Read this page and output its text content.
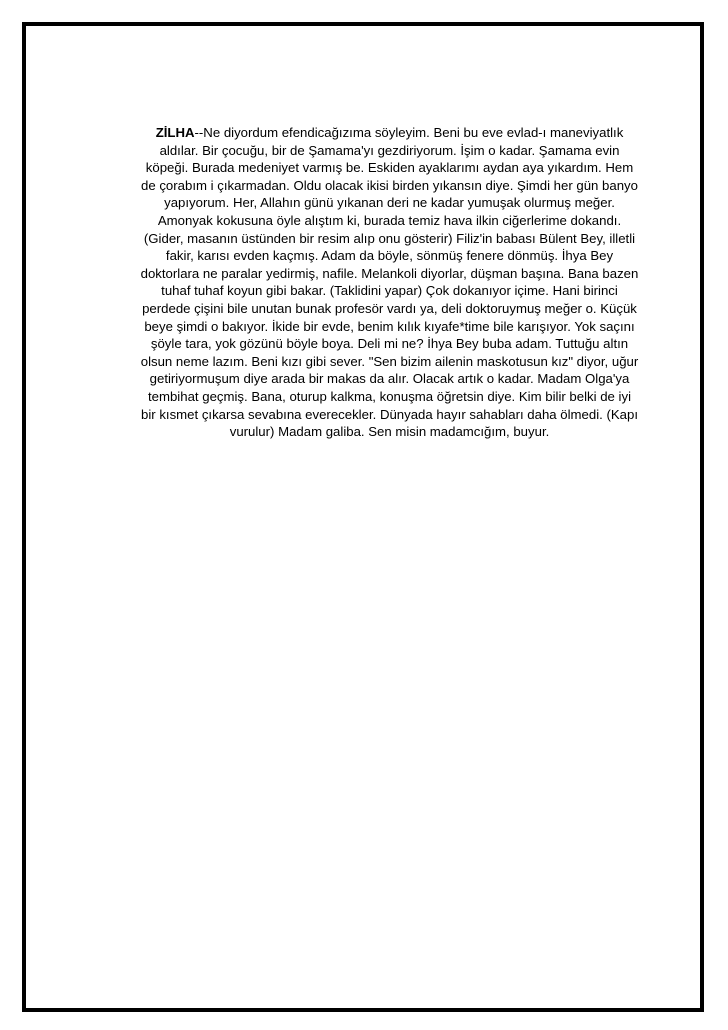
ZİLHA--Ne diyordum efendicağızıma söyleyim. Beni bu eve evlad-ı maneviyatlık
aldılar. Bir çocuğu, bir de Şamama'yı gezdiriyorum. İşim o kadar. Şamama evin
köpeği. Burada medeniyet varmış be. Eskiden ayaklarımı aydan aya yıkardım. Hem
de çorabım i çıkarmadan. Oldu olacak ikisi birden yıkansın diye. Şimdi her gün banyo
yapıyorum. Her, Allahın günü yıkanan deri ne kadar yumuşak olurmuş meğer.
Amonyak kokusuna öyle alıştım ki, burada temiz hava ilkin ciğerlerime dokandı.
(Gider, masanın üstünden bir resim alıp onu gösterir) Filiz'in babası Bülent Bey, illetli
fakir, karısı evden kaçmış. Adam da böyle, sönmüş fenere dönmüş. İhya Bey
doktorlara ne paralar yedirmiş, nafile. Melankoli diyorlar, düşman başına. Bana bazen
tuhaf tuhaf koyun gibi bakar. (Taklidini yapar) Çok dokanıyor içime. Hani birinci
perdede çişini bile unutan bunak profesör vardı ya, deli doktoruymuş meğer o. Küçük
beye şimdi o bakıyor. İkide bir evde, benim kılık kıyafe*time bile karışıyor. Yok saçını
şöyle tara, yok gözünü böyle boya. Deli mi ne? İhya Bey buba adam. Tuttuğu altın
olsun neme lazım. Beni kızı gibi sever. "Sen bizim ailenin maskotusun kız" diyor, uğur
getiriyormuşum diye arada bir makas da alır. Olacak artık o kadar. Madam Olga'ya
tembihat geçmiş. Bana, oturup kalkma, konuşma öğretsin diye. Kim bilir belki de iyi
bir kısmet çıkarsa sevabına everecekler. Dünyada hayır sahabları daha ölmedi. (Kapı
vurulur) Madam galiba. Sen misin madamcığım, buyur.
